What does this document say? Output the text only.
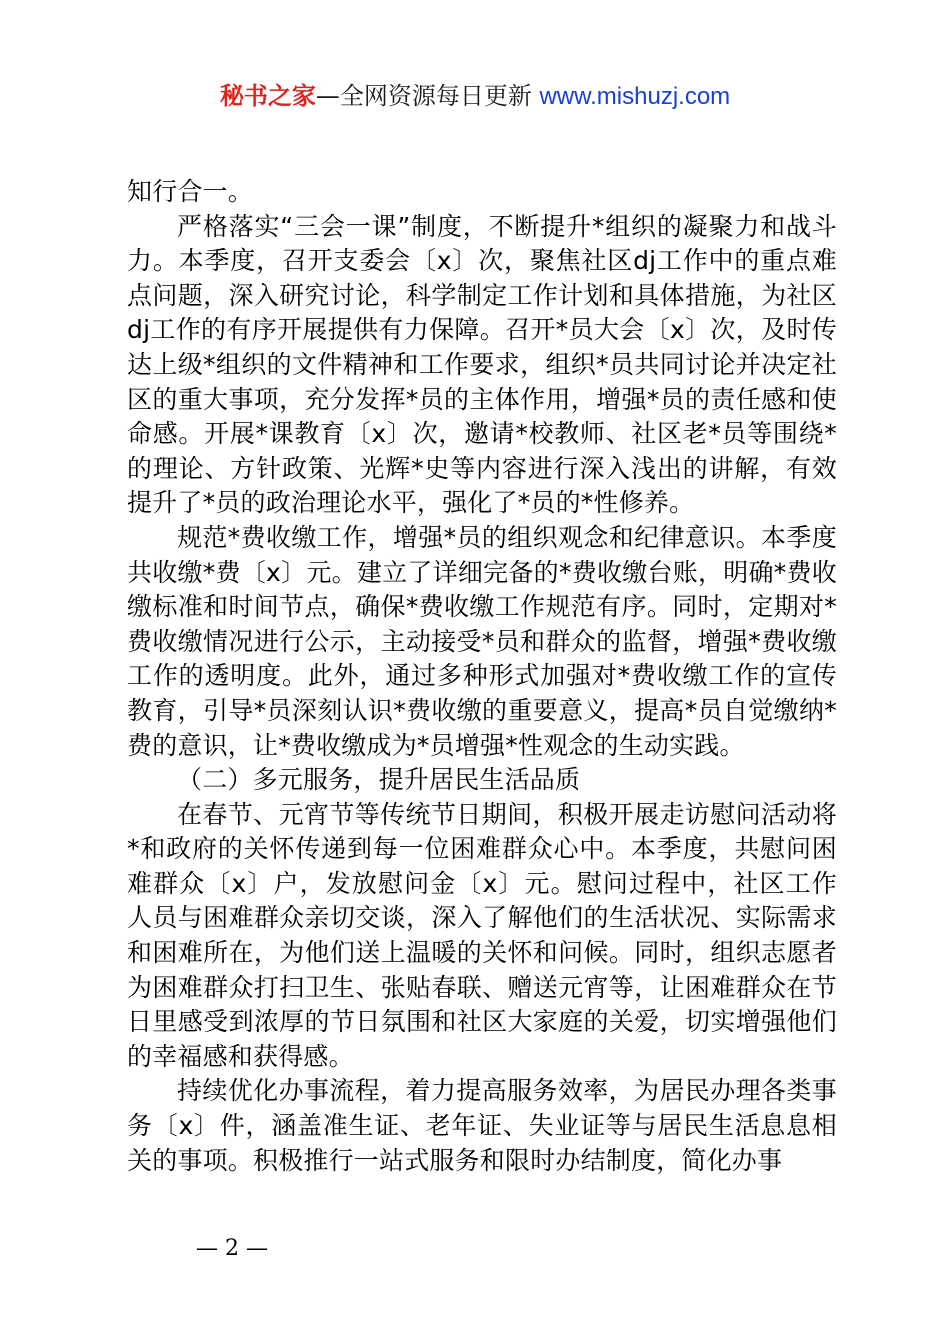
秘书之家—全网资源每日更新 www.mishuzj.com

知行合一。

严格落实“三会一课”制度，不断提升*组织的凝聚力和战斗力。本季度，召开支委会〔x〕次，聚焦社区dj工作中的重点难点问题，深入研究讨论，科学制定工作计划和具体措施，为社区dj工作的有序开展提供有力保障。召开*员大会〔x〕次，及时传达上级*组织的文件精神和工作要求，组织*员共同讨论并决定社区的重大事项，充分发挥*员的主体作用，增强*员的责任感和使命感。开展*课教育〔x〕次，邀请*校教师、社区老*员等围绕*的理论、方针政策、光辉*史等内容进行深入浅出的讲解，有效提升了*员的政治理论水平，强化了*员的*性修养。

规范*费收缴工作，增强*员的组织观念和纪律意识。本季度共收缴*费〔x〕元。建立了详细完备的*费收缴台账，明确*费收缴标准和时间节点，确保*费收缴工作规范有序。同时，定期对*费收缴情况进行公示，主动接受*员和群众的监督，增强*费收缴工作的透明度。此外，通过多种形式加强对*费收缴工作的宣传教育，引导*员深刻认识*费收缴的重要意义，提高*员自觉缴纳*费的意识，让*费收缴成为*员增强*性观念的生动实践。

（二）多元服务，提升居民生活品质

在春节、元宵节等传统节日期间，积极开展走访慰问活动将*和政府的关怀传递到每一位困难群众心中。本季度，共慰问困难群众〔x〕户，发放慰问金〔x〕元。慰问过程中，社区工作人员与困难群众亲切交谈，深入了解他们的生活状况、实际需求和困难所在，为他们送上温暖的关怀和问候。同时，组织志愿者为困难群众打扫卫生、张贴春联、赠送元宵等，让困难群众在节日里感受到浓厚的节日氛围和社区大家庭的关爱，切实增强他们的幸福感和获得感。

持续优化办事流程，着力提高服务效率，为居民办理各类事务〔x〕件，涵盖准生证、老年证、失业证等与居民生活息息相关的事项。积极推行一站式服务和限时办结制度，简化办事

— 2 —
